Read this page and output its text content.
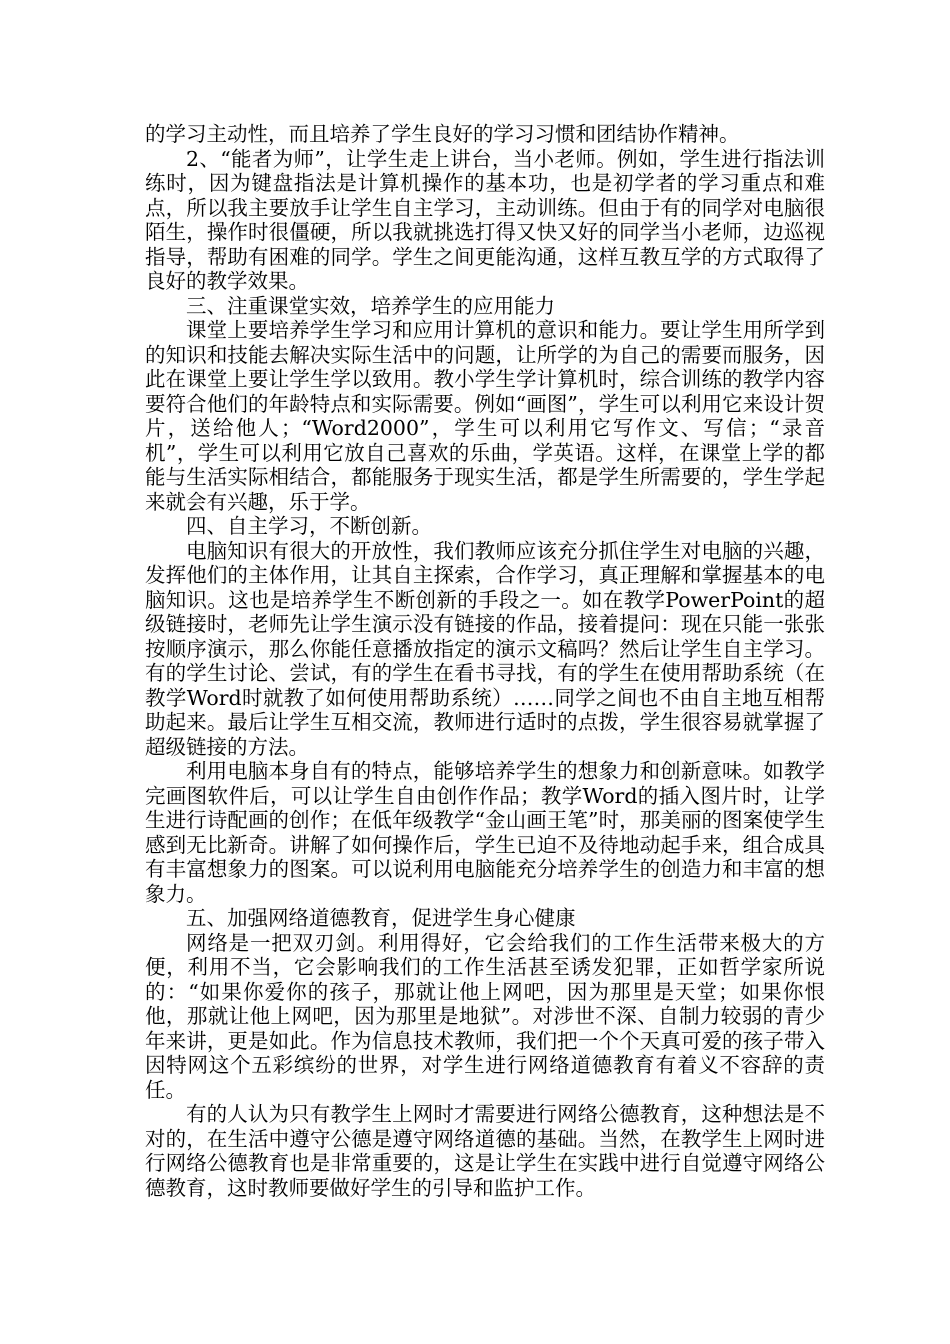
的学习主动性，而且培养了学生良好的学习习惯和团结协作精神。

2、“能者为师”，让学生走上讲台，当小老师。例如，学生进行指法训练时，因为键盘指法是计算机操作的基本功，也是初学者的学习重点和难点，所以我主要放手让学生自主学习，主动训练。但由于有的同学对电脑很陌生，操作时很僵硬，所以我就挑选打得又快又好的同学当小老师，边巡视指导，帮助有困难的同学。学生之间更能沟通，这样互教互学的方式取得了良好的教学效果。

三、注重课堂实效，培养学生的应用能力

课堂上要培养学生学习和应用计算机的意识和能力。要让学生用所学到的知识和技能去解决实际生活中的问题，让所学的为自己的需要而服务，因此在课堂上要让学生学以致用。教小学生学计算机时，综合训练的教学内容要符合他们的年龄特点和实际需要。例如“画图”，学生可以利用它来设计贺片，送给他人；“Word2000”，学生可以利用它写作文、写信；“录音机”，学生可以利用它放自己喜欢的乐曲，学英语。这样，在课堂上学的都能与生活实际相结合，都能服务于现实生活，都是学生所需要的，学生学起来就会有兴趣，乐于学。

四、自主学习，不断创新。

电脑知识有很大的开放性，我们教师应该充分抓住学生对电脑的兴趣，发挥他们的主体作用，让其自主探索，合作学习，真正理解和掌握基本的电脑知识。这也是培养学生不断创新的手段之一。如在教学PowerPoint的超级链接时，老师先让学生演示没有链接的作品，接着提问：现在只能一张张按顺序演示，那么你能任意播放指定的演示文稿吗？然后让学生自主学习。有的学生讨论、尝试，有的学生在看书寻找，有的学生在使用帮助系统（在教学Word时就教了如何使用帮助系统）……同学之间也不由自主地互相帮助起来。最后让学生互相交流，教师进行适时的点拨，学生很容易就掌握了超级链接的方法。

利用电脑本身自有的特点，能够培养学生的想象力和创新意味。如教学完画图软件后，可以让学生自由创作作品；教学Word的插入图片时，让学生进行诗配画的创作；在低年级教学“金山画王笔”时，那美丽的图案使学生感到无比新奇。讲解了如何操作后，学生已迫不及待地动起手来，组合成具有丰富想象力的图案。可以说利用电脑能充分培养学生的创造力和丰富的想象力。

五、加强网络道德教育，促进学生身心健康

网络是一把双刃剑。利用得好，它会给我们的工作生活带来极大的方便，利用不当，它会影响我们的工作生活甚至诱发犯罪，正如哲学家所说的：“如果你爱你的孩子，那就让他上网吧，因为那里是天堂；如果你恨他，那就让他上网吧，因为那里是地狱”。对涉世不深、自制力较弱的青少年来讲，更是如此。作为信息技术教师，我们把一个个天真可爱的孩子带入因特网这个五彩缤纷的世界，对学生进行网络道德教育有着义不容辞的责任。

有的人认为只有教学生上网时才需要进行网络公德教育，这种想法是不对的，在生活中遵守公德是遵守网络道德的基础。当然，在教学生上网时进行网络公德教育也是非常重要的，这是让学生在实践中进行自觉遵守网络公德教育，这时教师要做好学生的引导和监护工作。
